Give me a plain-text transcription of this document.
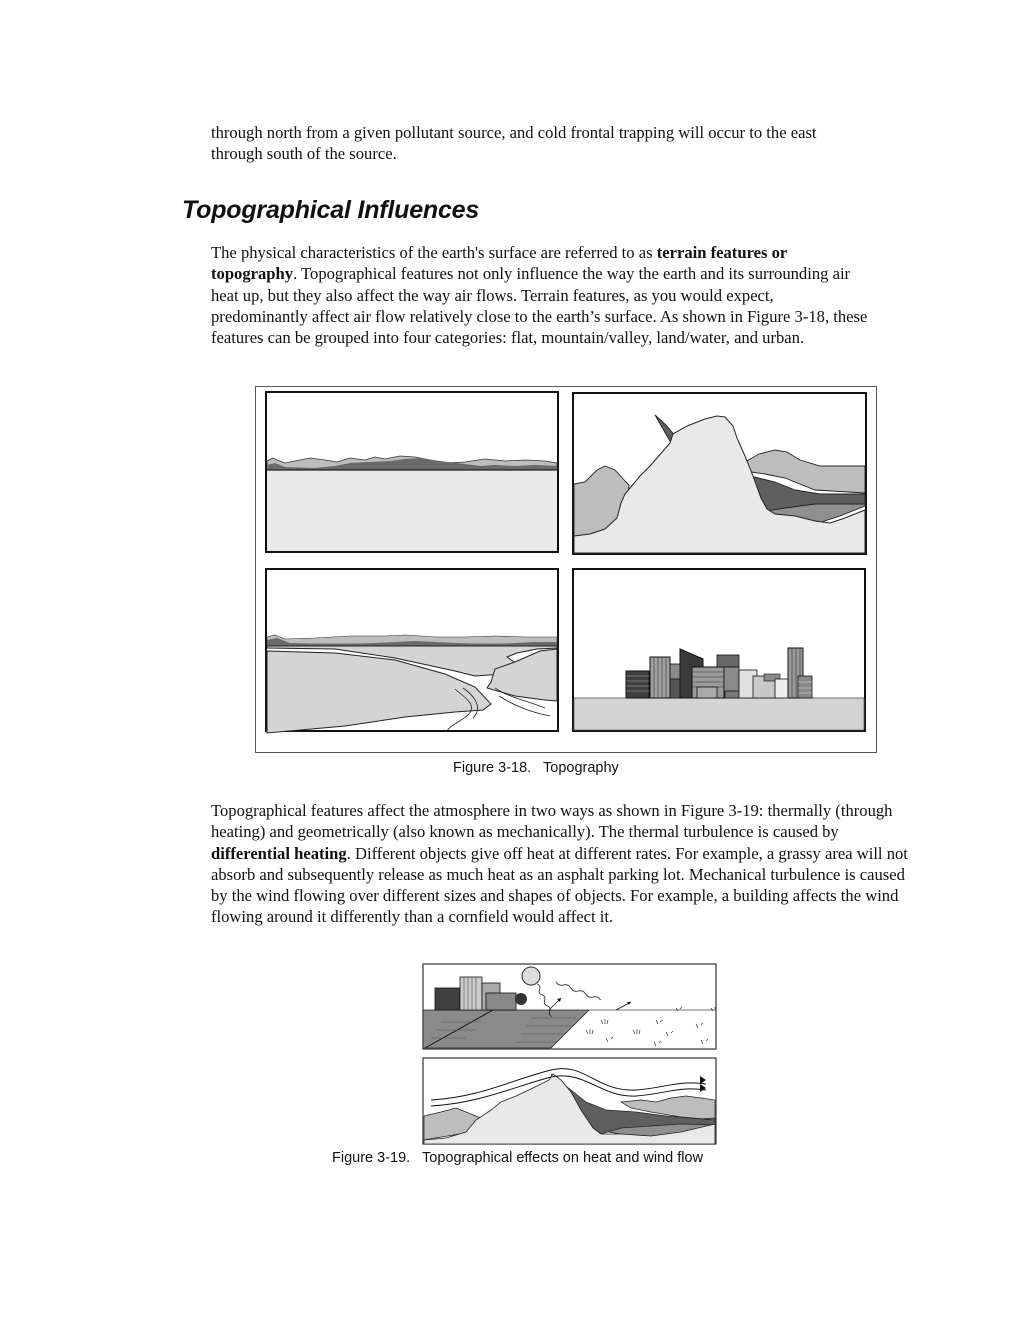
through north from a given pollutant source, and cold frontal trapping will occur to the east through south of the source.

Topographical Influences

The physical characteristics of the earth's surface are referred to as terrain features or topography. Topographical features not only influence the way the earth and its surrounding air heat up, but they also affect the way air flows. Terrain features, as you would expect, predominantly affect air flow relatively close to the earth’s surface. As shown in Figure 3-18, these features can be grouped into four categories: flat, mountain/valley, land/water, and urban.

Figure 3-18.   Topography

Topographical features affect the atmosphere in two ways as shown in Figure 3-19: thermally (through heating) and geometrically (also known as mechanically). The thermal turbulence is caused by differential heating. Different objects give off heat at different rates. For example, a grassy area will not absorb and subsequently release as much heat as an asphalt parking lot. Mechanical turbulence is caused by the wind flowing over different sizes and shapes of objects. For example, a building affects the wind flowing around it differently than a cornfield would affect it.

Figure 3-19.   Topographical effects on heat and wind flow
